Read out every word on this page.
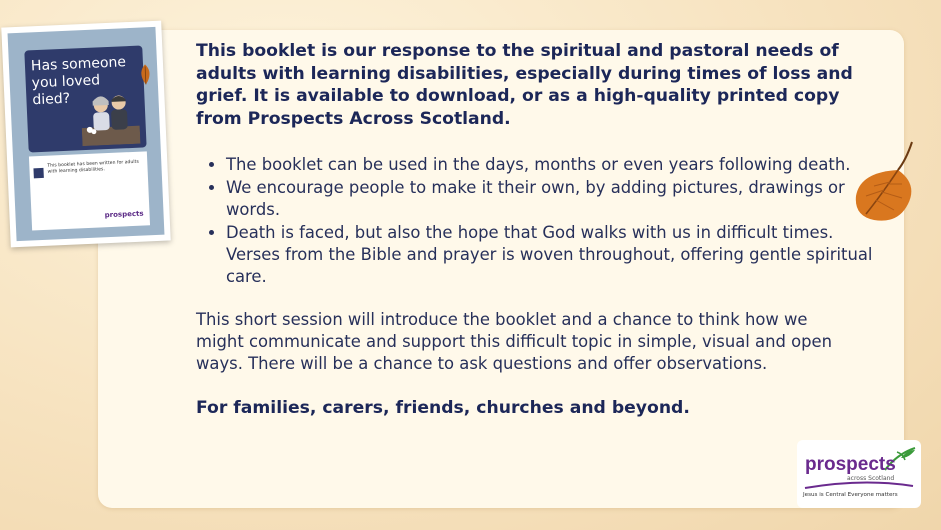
Has someone you loved died?
This booklet has been written for adults with learning disabilities.
prospects

This booklet is our response to the spiritual and pastoral needs of adults with learning disabilities, especially during times of loss and grief. It is available to download, or as a high-quality printed copy from Prospects Across Scotland.

• The booklet can be used in the days, months or even years following death.
• We encourage people to make it their own, by adding pictures, drawings or words.
• Death is faced, but also the hope that God walks with us in difficult times. Verses from the Bible and prayer is woven throughout, offering gentle spiritual care.

This short session will introduce the booklet and a chance to think how we might communicate and support this difficult topic in simple, visual and open ways. There will be a chance to ask questions and offer observations.

For families, carers, friends, churches and beyond.

prospects
across Scotland
Jesus is Central Everyone matters
